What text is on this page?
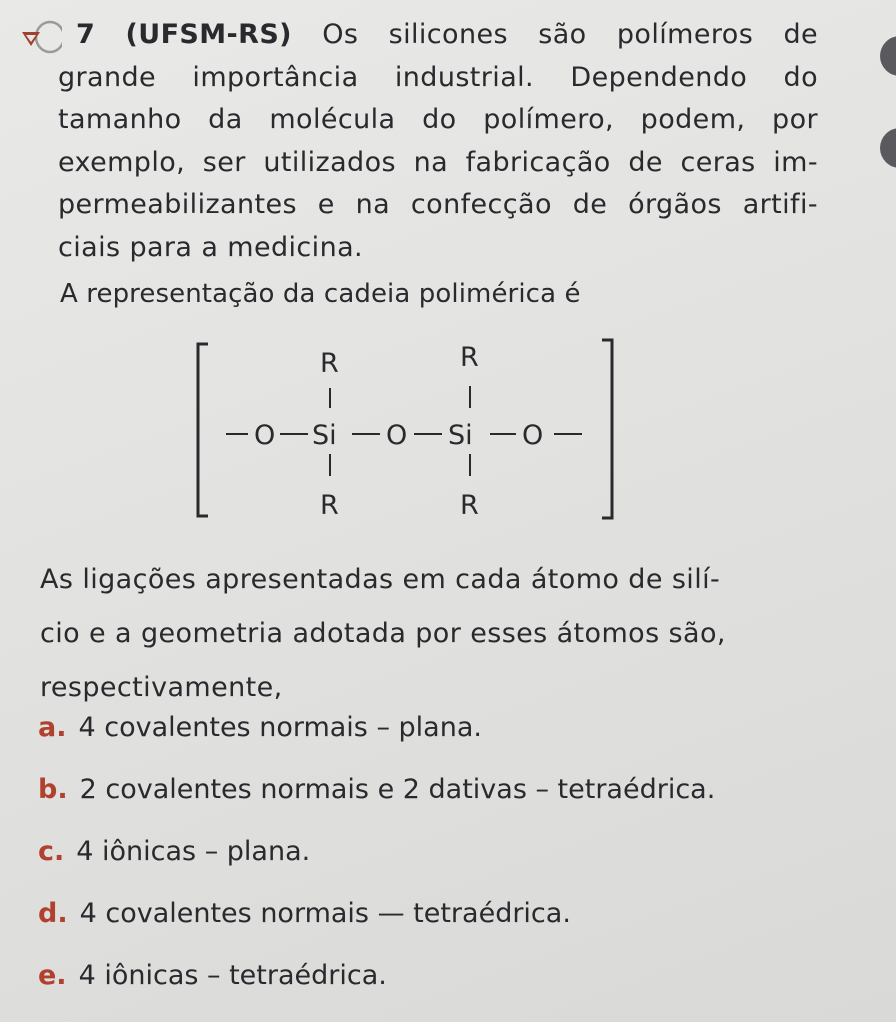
7 (UFSM-RS) Os silicones são polímeros de
grande importância industrial. Dependendo do
tamanho da molécula do polímero, podem, por
exemplo, ser utilizados na fabricação de ceras im-
permeabilizantes e na confecção de órgãos artifi-
ciais para a medicina.
A representação da cadeia polimérica é
O Si O Si O
R
R
R
R
As ligações apresentadas em cada átomo de silí-
cio e a geometria adotada por esses átomos são,
respectivamente,
a. 4 covalentes normais – plana.
b. 2 covalentes normais e 2 dativas – tetraédrica.
c. 4 iônicas – plana.
d. 4 covalentes normais — tetraédrica.
e. 4 iônicas – tetraédrica.
